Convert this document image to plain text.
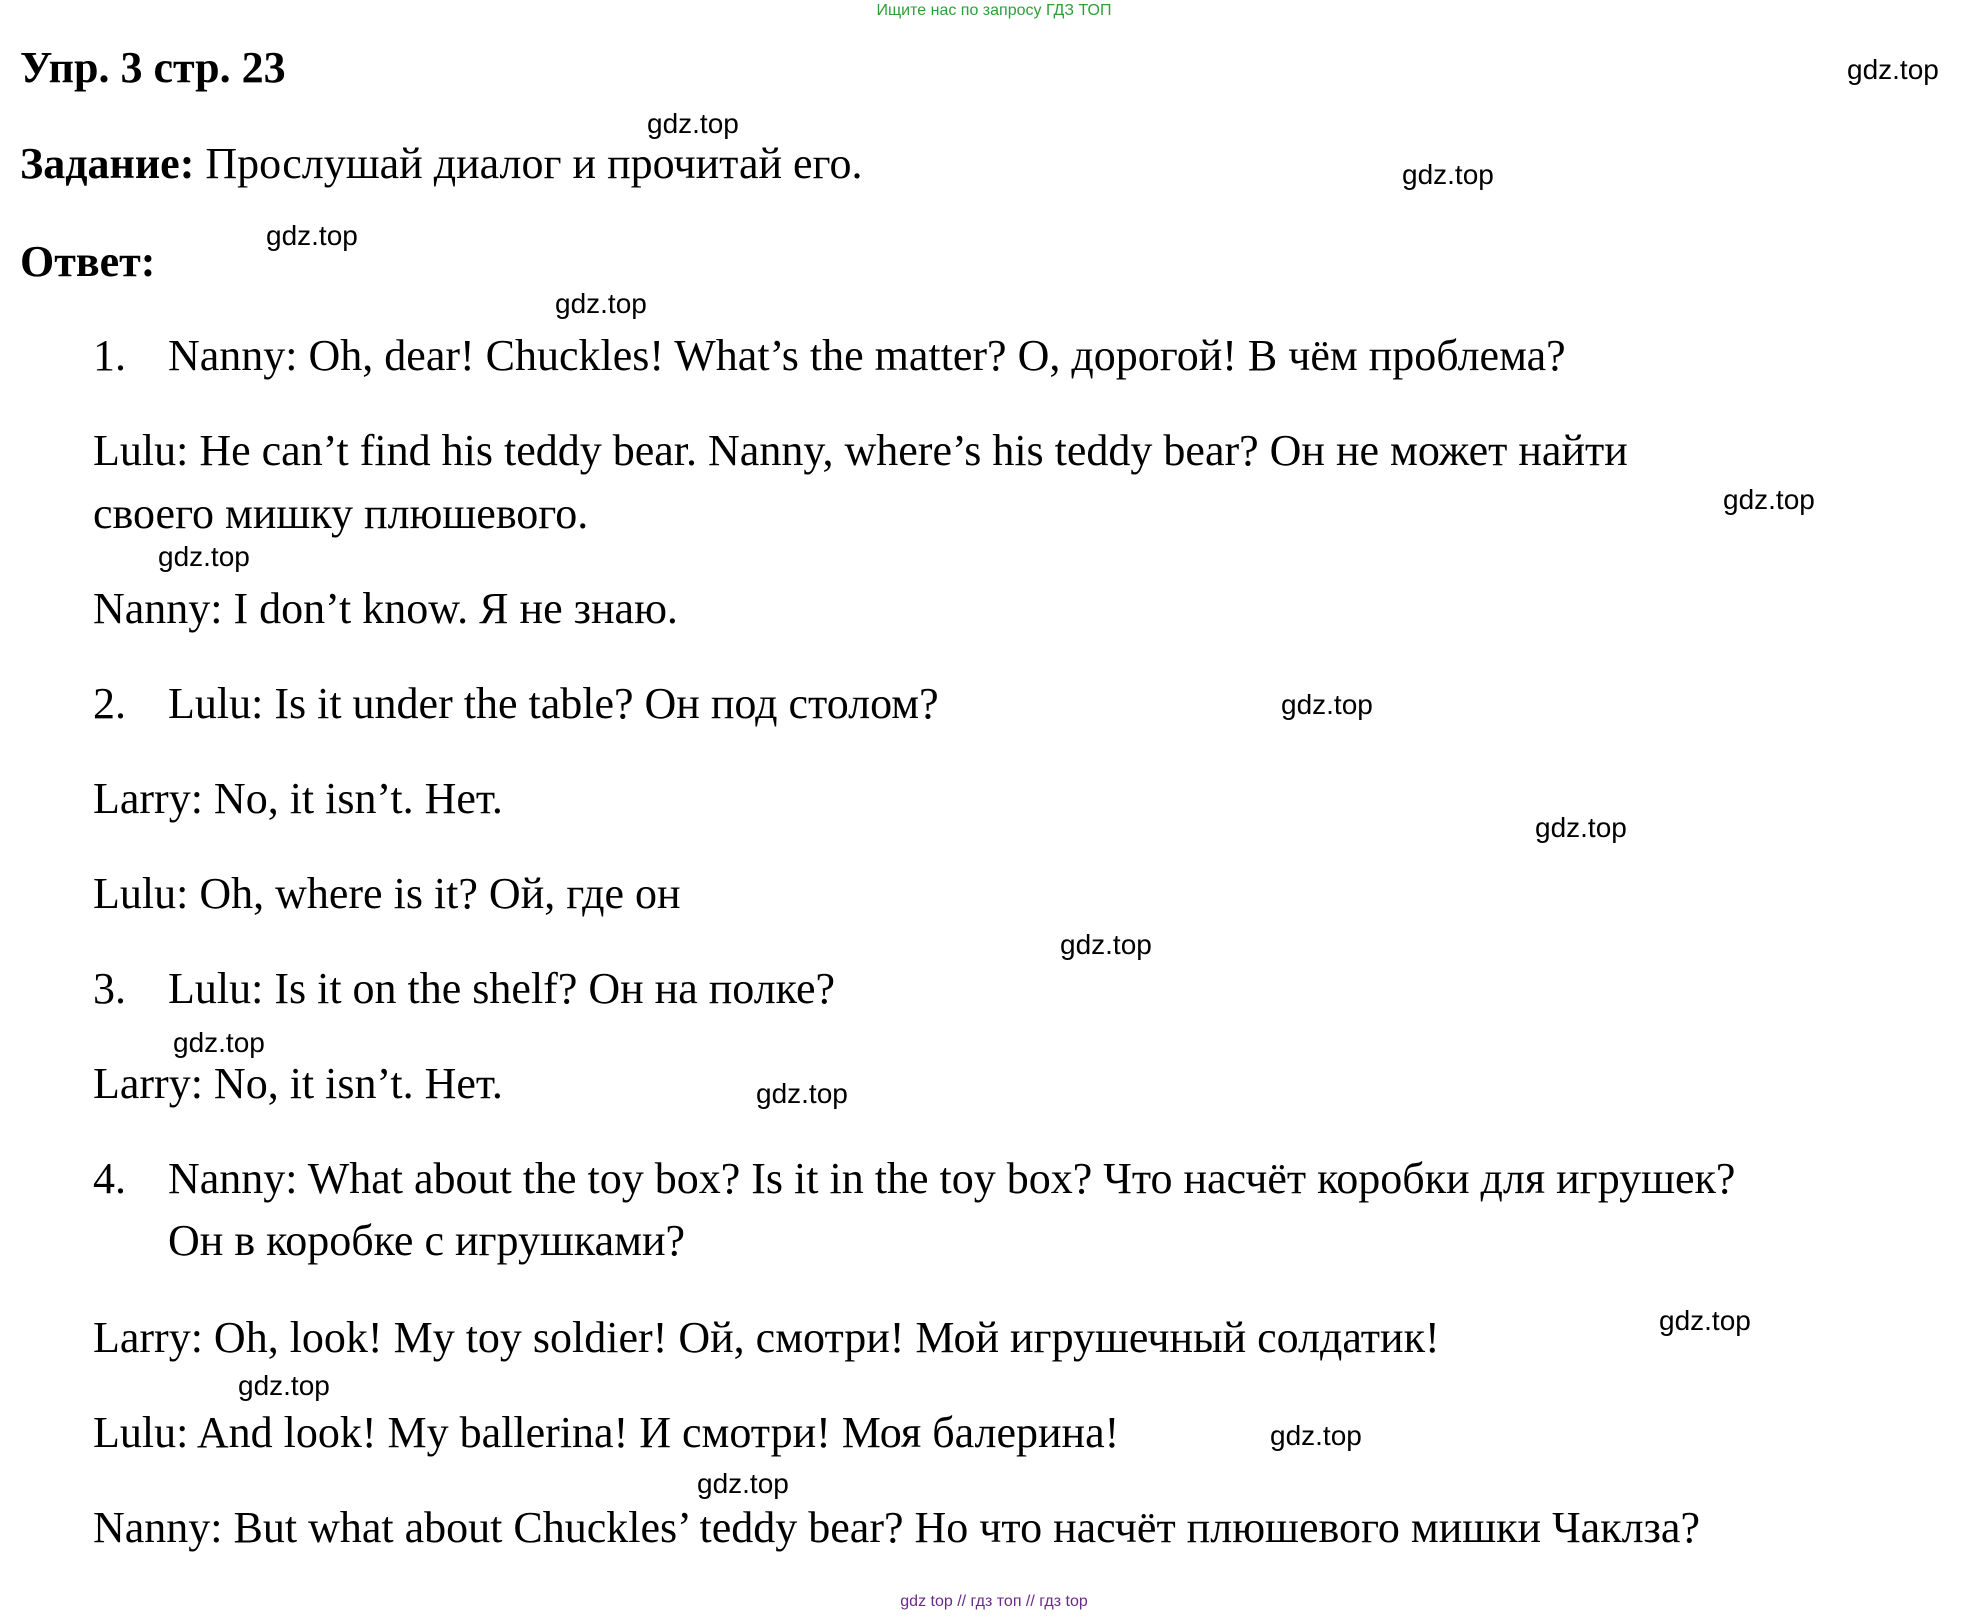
Ищите нас по запросу ГДЗ ТОП
Упр. 3 стр. 23
Задание: Прослушай диалог и прочитай его.
Ответ:
1. Nanny: Oh, dear! Chuckles! What’s the matter? О, дорогой! В чём проблема?
Lulu: He can’t find his teddy bear. Nanny, where’s his teddy bear? Он не может найти
своего мишку плюшевого.
Nanny: I don’t know. Я не знаю.
2. Lulu: Is it under the table? Он под столом?
Larry: No, it isn’t. Нет.
Lulu: Oh, where is it? Ой, где он
3. Lulu: Is it on the shelf? Он на полке?
Larry: No, it isn’t. Нет.
4. Nanny: What about the toy box? Is it in the toy box? Что насчёт коробки для игрушек?
Он в коробке с игрушками?
Larry: Oh, look! My toy soldier! Ой, смотри! Мой игрушечный солдатик!
Lulu: And look! My ballerina! И смотри! Моя балерина!
Nanny: But what about Chuckles’ teddy bear? Но что насчёт плюшевого мишки Чаклза?
gdz.top
gdz.top
gdz.top
gdz.top
gdz.top
gdz.top
gdz.top
gdz.top
gdz.top
gdz.top
gdz.top
gdz.top
gdz.top
gdz.top
gdz.top
gdz.top
gdz top // гдз топ // гдз top
